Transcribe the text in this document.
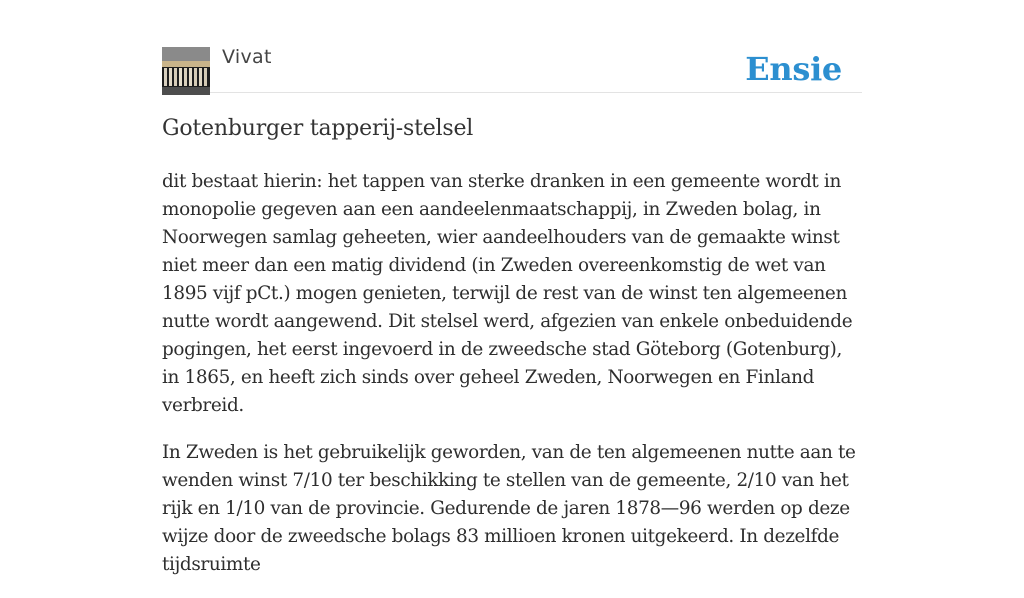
Vivat	Ensie
Gotenburger tapperij-stelsel

dit bestaat hierin: het tappen van sterke dranken in een gemeente wordt in monopolie gegeven aan een aandeelenmaatschappij, in Zweden bolag, in Noorwegen samlag geheeten, wier aandeelhouders van de gemaakte winst niet meer dan een matig dividend (in Zweden overeenkomstig de wet van 1895 vijf pCt.) mogen genieten, terwijl de rest van de winst ten algemeenen nutte wordt aangewend. Dit stelsel werd, afgezien van enkele onbeduidende pogingen, het eerst ingevoerd in de zweedsche stad Göteborg (Gotenburg), in 1865, en heeft zich sinds over geheel Zweden, Noorwegen en Finland verbreid.

In Zweden is het gebruikelijk geworden, van de ten algemeenen nutte aan te wenden winst 7/10 ter beschikking te stellen van de gemeente, 2/10 van het rijk en 1/10 van de provincie. Gedurende de jaren 1878—96 werden op deze wijze door de zweedsche bolags 83 millioen kronen uitgekeerd. In dezelfde tijdsruimte
